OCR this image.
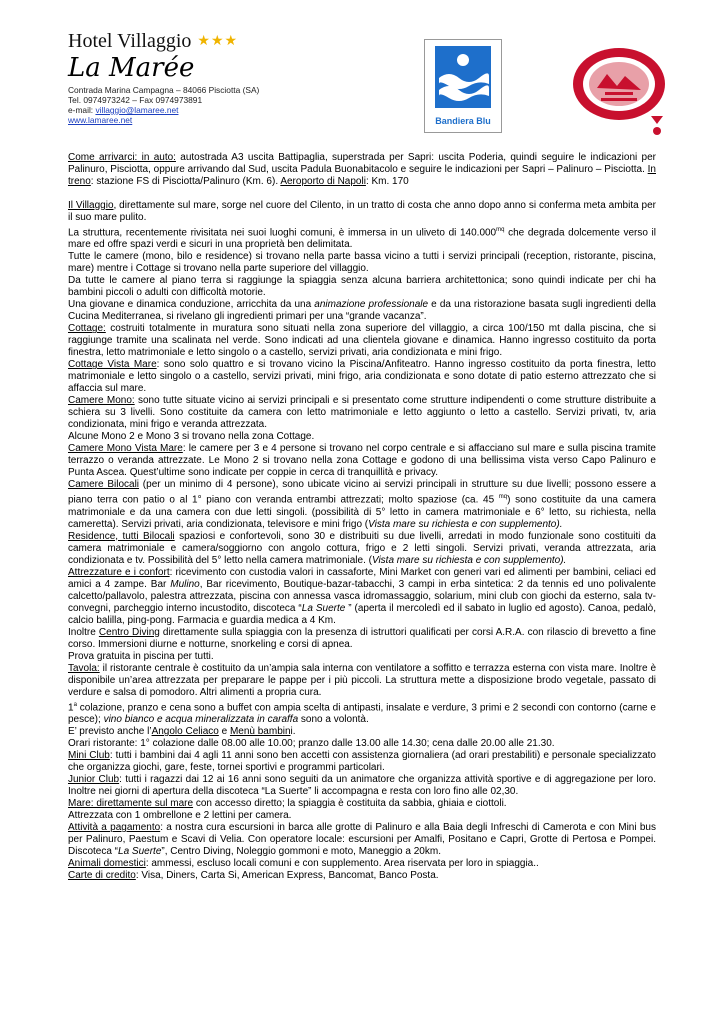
Hotel Villaggio ★★★
La Marée
Contrada Marina Campagna – 84066 Pisciotta (SA)
Tel. 0974973242 – Fax 0974973891
e-mail: villaggio@lamaree.net
www.lamaree.net	Bandiera Blu

Come arrivarci: in auto: autostrada A3 uscita Battipaglia, superstrada per Sapri: uscita Poderia, quindi seguire le indicazioni per Palinuro, Pisciotta, oppure arrivando dal Sud, uscita Padula Buonabitacolo e seguire le indicazioni per Sapri – Palinuro – Pisciotta. In treno: stazione FS di Pisciotta/Palinuro (Km. 6). Aeroporto di Napoli: Km. 170

Il Villaggio, direttamente sul mare, sorge nel cuore del Cilento, in un tratto di costa che anno dopo anno si conferma meta ambita per il suo mare pulito.

La struttura, recentemente rivisitata nei suoi luoghi comuni, è immersa in un uliveto di $140.000^{mq}$ che degrada dolcemente verso il mare ed offre spazi verdi e sicuri in una proprietà ben delimitata.

Tutte le camere (mono, bilo e residence) si trovano nella parte bassa vicino a tutti i servizi principali (reception, ristorante, piscina, mare) mentre i Cottage si trovano nella parte superiore del villaggio.

Da tutte le camere al piano terra si raggiunge la spiaggia senza alcuna barriera architettonica; sono quindi indicate per chi ha bambini piccoli o adulti con difficoltà motorie.

Una giovane e dinamica conduzione, arricchita da una animazione professionale e da una ristorazione basata sugli ingredienti della Cucina Mediterranea, si rivelano gli ingredienti primari per una “grande vacanza”.

Cottage: costruiti totalmente in muratura sono situati nella zona superiore del villaggio, a circa 100/150 mt dalla piscina, che si raggiunge tramite una scalinata nel verde. Sono indicati ad una clientela giovane e dinamica. Hanno ingresso costituito da porta finestra, letto matrimoniale e letto singolo o a castello, servizi privati, aria condizionata e mini frigo.

Cottage Vista Mare: sono solo quattro e si trovano vicino la Piscina/Anfiteatro. Hanno ingresso costituito da porta finestra, letto matrimoniale e letto singolo o a castello, servizi privati, mini frigo, aria condizionata e sono dotate di patio esterno attrezzato che si affaccia sul mare.

Camere Mono: sono tutte situate vicino ai servizi principali e si presentato come strutture indipendenti o come strutture distribuite a schiera su 3 livelli. Sono costituite da camera con letto matrimoniale e letto aggiunto o letto a castello. Servizi privati, tv, aria condizionata, mini frigo e veranda attrezzata.

Alcune Mono 2 e Mono 3 si trovano nella zona Cottage.

Camere Mono Vista Mare: le camere per 3 e 4 persone si trovano nel corpo centrale e si affacciano sul mare e sulla piscina tramite terrazzo o veranda attrezzate. Le Mono 2 si trovano nella zona Cottage e godono di una bellissima vista verso Capo Palinuro e Punta Ascea. Quest’ultime sono indicate per coppie in cerca di tranquillità e privacy.

Camere Bilocali (per un minimo di 4 persone), sono ubicate vicino ai servizi principali in strutture su due livelli; possono essere a piano terra con patio o al 1° piano con veranda entrambi attrezzati; molto spaziose (ca. 45 $^{mq}$) sono costituite da una camera matrimoniale e da una camera con due letti singoli. (possibilità di 5° letto in camera matrimoniale e 6° letto, su richiesta, nella cameretta). Servizi privati, aria condizionata, televisore e mini frigo (Vista mare su richiesta e con supplemento).

Residence, tutti Bilocali spaziosi e confortevoli, sono 30 e distribuiti su due livelli, arredati in modo funzionale sono costituiti da camera matrimoniale e camera/soggiorno con angolo cottura, frigo e 2 letti singoli. Servizi privati, veranda attrezzata, aria condizionata e tv. Possibilità del 5° letto nella camera matrimoniale. (Vista mare su richiesta e con supplemento).

Attrezzature e i confort: ricevimento con custodia valori in cassaforte, Mini Market con generi vari ed alimenti per bambini, celiaci ed amici a 4 zampe. Bar Mulino, Bar ricevimento, Boutique-bazar-tabacchi, 3 campi in erba sintetica: 2 da tennis ed uno polivalente calcetto/pallavolo, palestra attrezzata, piscina con annessa vasca idromassaggio, solarium, mini club con giochi da esterno, sala tv-convegni, parcheggio interno incustodito, discoteca “La Suerte ” (aperta il mercoledì ed il sabato in luglio ed agosto). Canoa, pedalò, calcio balilla, ping-pong. Farmacia e guardia medica a 4 Km.

Inoltre Centro Diving direttamente sulla spiaggia con la presenza di istruttori qualificati per corsi A.R.A. con rilascio di brevetto a fine corso. Immersioni diurne e notturne, snorkeling e corsi di apnea.

Prova gratuita in piscina per tutti.

Tavola: il ristorante centrale è costituito da un’ampia sala interna con ventilatore a soffitto e terrazza esterna con vista mare. Inoltre è disponibile un’area attrezzata per preparare le pappe per i più piccoli. La struttura mette a disposizione brodo vegetale, passato di verdure e salsa di pomodoro. Altri alimenti a propria cura.

1$^a$ colazione, pranzo e cena sono a buffet con ampia scelta di antipasti, insalate e verdure, 3 primi e 2 secondi con contorno (carne e pesce); vino bianco e acqua mineralizzata in caraffa sono a volontà.

E’ previsto anche l’Angolo Celiaco e Menù bambini.

Orari ristorante: 1° colazione dalle 08.00 alle 10.00; pranzo dalle 13.00 alle 14.30; cena dalle 20.00 alle 21.30.

Mini Club: tutti i bambini dai 4 agli 11 anni sono ben accetti con assistenza giornaliera (ad orari prestabiliti) e personale specializzato che organizza giochi, gare, feste, tornei sportivi e programmi particolari.

Junior Club: tutti i ragazzi dai 12 ai 16 anni sono seguiti da un animatore che organizza attività sportive e di aggregazione per loro. Inoltre nei giorni di apertura della discoteca “La Suerte” li accompagna e resta con loro fino alle 02,30.

Mare: direttamente sul mare con accesso diretto; la spiaggia è costituita da sabbia, ghiaia e ciottoli.

Attrezzata con 1 ombrellone e 2 lettini per camera.

Attività a pagamento: a nostra cura escursioni in barca alle grotte di Palinuro e alla Baia degli Infreschi di Camerota e con Mini bus per Palinuro, Paestum e Scavi di Velia. Con operatore locale: escursioni per Amalfi, Positano e Capri, Grotte di Pertosa e Pompei. Discoteca “La Suerte”, Centro Diving, Noleggio gommoni e moto, Maneggio a 20km.

Animali domestici: ammessi, escluso locali comuni e con supplemento. Area riservata per loro in spiaggia..

Carte di credito: Visa, Diners, Carta Si, American Express, Bancomat, Banco Posta.
